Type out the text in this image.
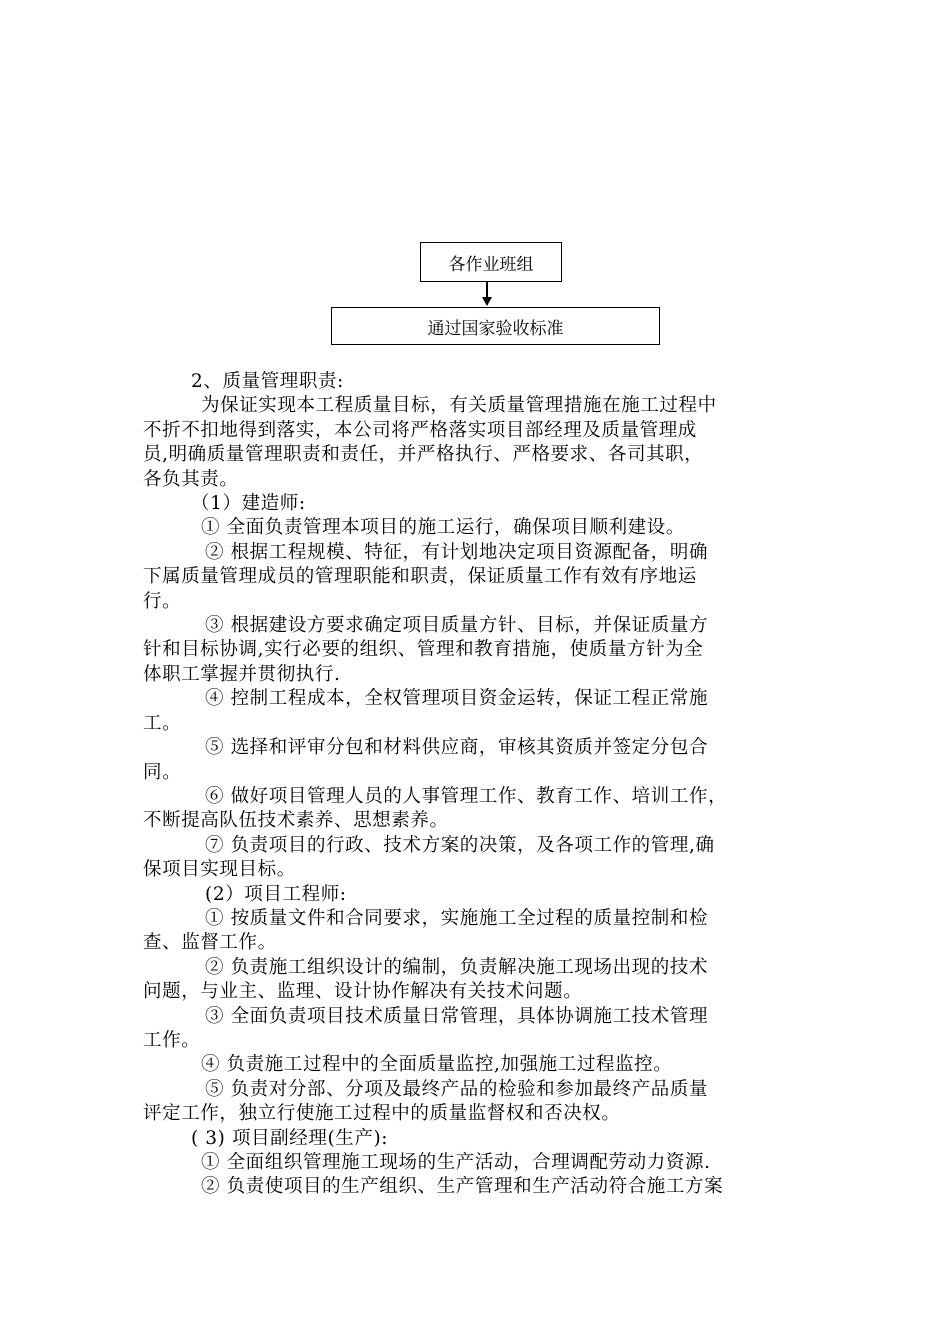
各作业班组
通过国家验收标准
2、质量管理职责:
为保证实现本工程质量目标，有关质量管理措施在施工过程中
不折不扣地得到落实，本公司将严格落实项目部经理及质量管理成
员,明确质量管理职责和责任，并严格执行、严格要求、各司其职，
各负其责。
（1）建造师:
① 全面负责管理本项目的施工运行，确保项目顺利建设。
② 根据工程规模、特征，有计划地决定项目资源配备，明确
下属质量管理成员的管理职能和职责，保证质量工作有效有序地运
行。
③ 根据建设方要求确定项目质量方针、目标，并保证质量方
针和目标协调,实行必要的组织、管理和教育措施，使质量方针为全
体职工掌握并贯彻执行.
④ 控制工程成本，全权管理项目资金运转，保证工程正常施
工。
⑤ 选择和评审分包和材料供应商，审核其资质并签定分包合
同。
⑥ 做好项目管理人员的人事管理工作、教育工作、培训工作，
不断提高队伍技术素养、思想素养。
⑦ 负责项目的行政、技术方案的决策，及各项工作的管理,确
保项目实现目标。
(2）项目工程师:
① 按质量文件和合同要求，实施施工全过程的质量控制和检
查、监督工作。
② 负责施工组织设计的编制，负责解决施工现场出现的技术
问题，与业主、监理、设计协作解决有关技术问题。
③ 全面负责项目技术质量日常管理，具体协调施工技术管理
工作。
④ 负责施工过程中的全面质量监控,加强施工过程监控。
⑤ 负责对分部、分项及最终产品的检验和参加最终产品质量
评定工作，独立行使施工过程中的质量监督权和否决权。
( 3) 项目副经理(生产):
① 全面组织管理施工现场的生产活动，合理调配劳动力资源.
② 负责使项目的生产组织、生产管理和生产活动符合施工方案
